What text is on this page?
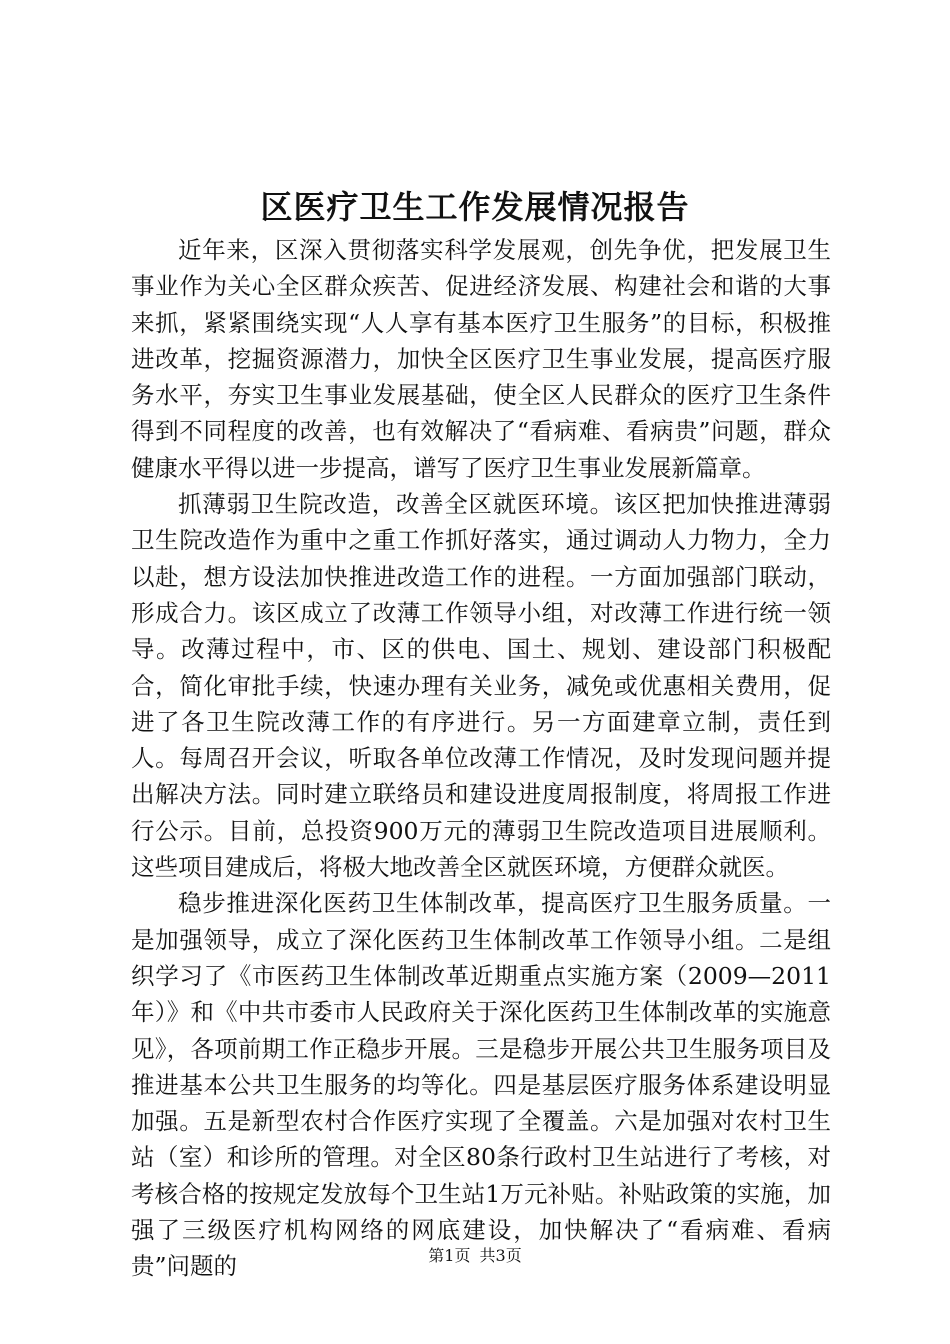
区医疗卫生工作发展情况报告

近年来，区深入贯彻落实科学发展观，创先争优，把发展卫生事业作为关心全区群众疾苦、促进经济发展、构建社会和谐的大事来抓，紧紧围绕实现“人人享有基本医疗卫生服务”的目标，积极推进改革，挖掘资源潜力，加快全区医疗卫生事业发展，提高医疗服务水平，夯实卫生事业发展基础，使全区人民群众的医疗卫生条件得到不同程度的改善，也有效解决了“看病难、看病贵”问题，群众健康水平得以进一步提高，谱写了医疗卫生事业发展新篇章。

抓薄弱卫生院改造，改善全区就医环境。该区把加快推进薄弱卫生院改造作为重中之重工作抓好落实，通过调动人力物力，全力以赴，想方设法加快推进改造工作的进程。一方面加强部门联动，形成合力。该区成立了改薄工作领导小组，对改薄工作进行统一领导。改薄过程中，市、区的供电、国土、规划、建设部门积极配合，简化审批手续，快速办理有关业务，减免或优惠相关费用，促进了各卫生院改薄工作的有序进行。另一方面建章立制，责任到人。每周召开会议，听取各单位改薄工作情况，及时发现问题并提出解决方法。同时建立联络员和建设进度周报制度，将周报工作进行公示。目前，总投资900万元的薄弱卫生院改造项目进展顺利。这些项目建成后，将极大地改善全区就医环境，方便群众就医。

稳步推进深化医药卫生体制改革，提高医疗卫生服务质量。一是加强领导，成立了深化医药卫生体制改革工作领导小组。二是组织学习了《市医药卫生体制改革近期重点实施方案（2009—2011年）》和《中共市委市人民政府关于深化医药卫生体制改革的实施意见》，各项前期工作正稳步开展。三是稳步开展公共卫生服务项目及推进基本公共卫生服务的均等化。四是基层医疗服务体系建设明显加强。五是新型农村合作医疗实现了全覆盖。六是加强对农村卫生站（室）和诊所的管理。对全区80条行政村卫生站进行了考核，对考核合格的按规定发放每个卫生站1万元补贴。补贴政策的实施，加强了三级医疗机构网络的网底建设，加快解决了“看病难、看病贵”问题的	第1页 共3页
